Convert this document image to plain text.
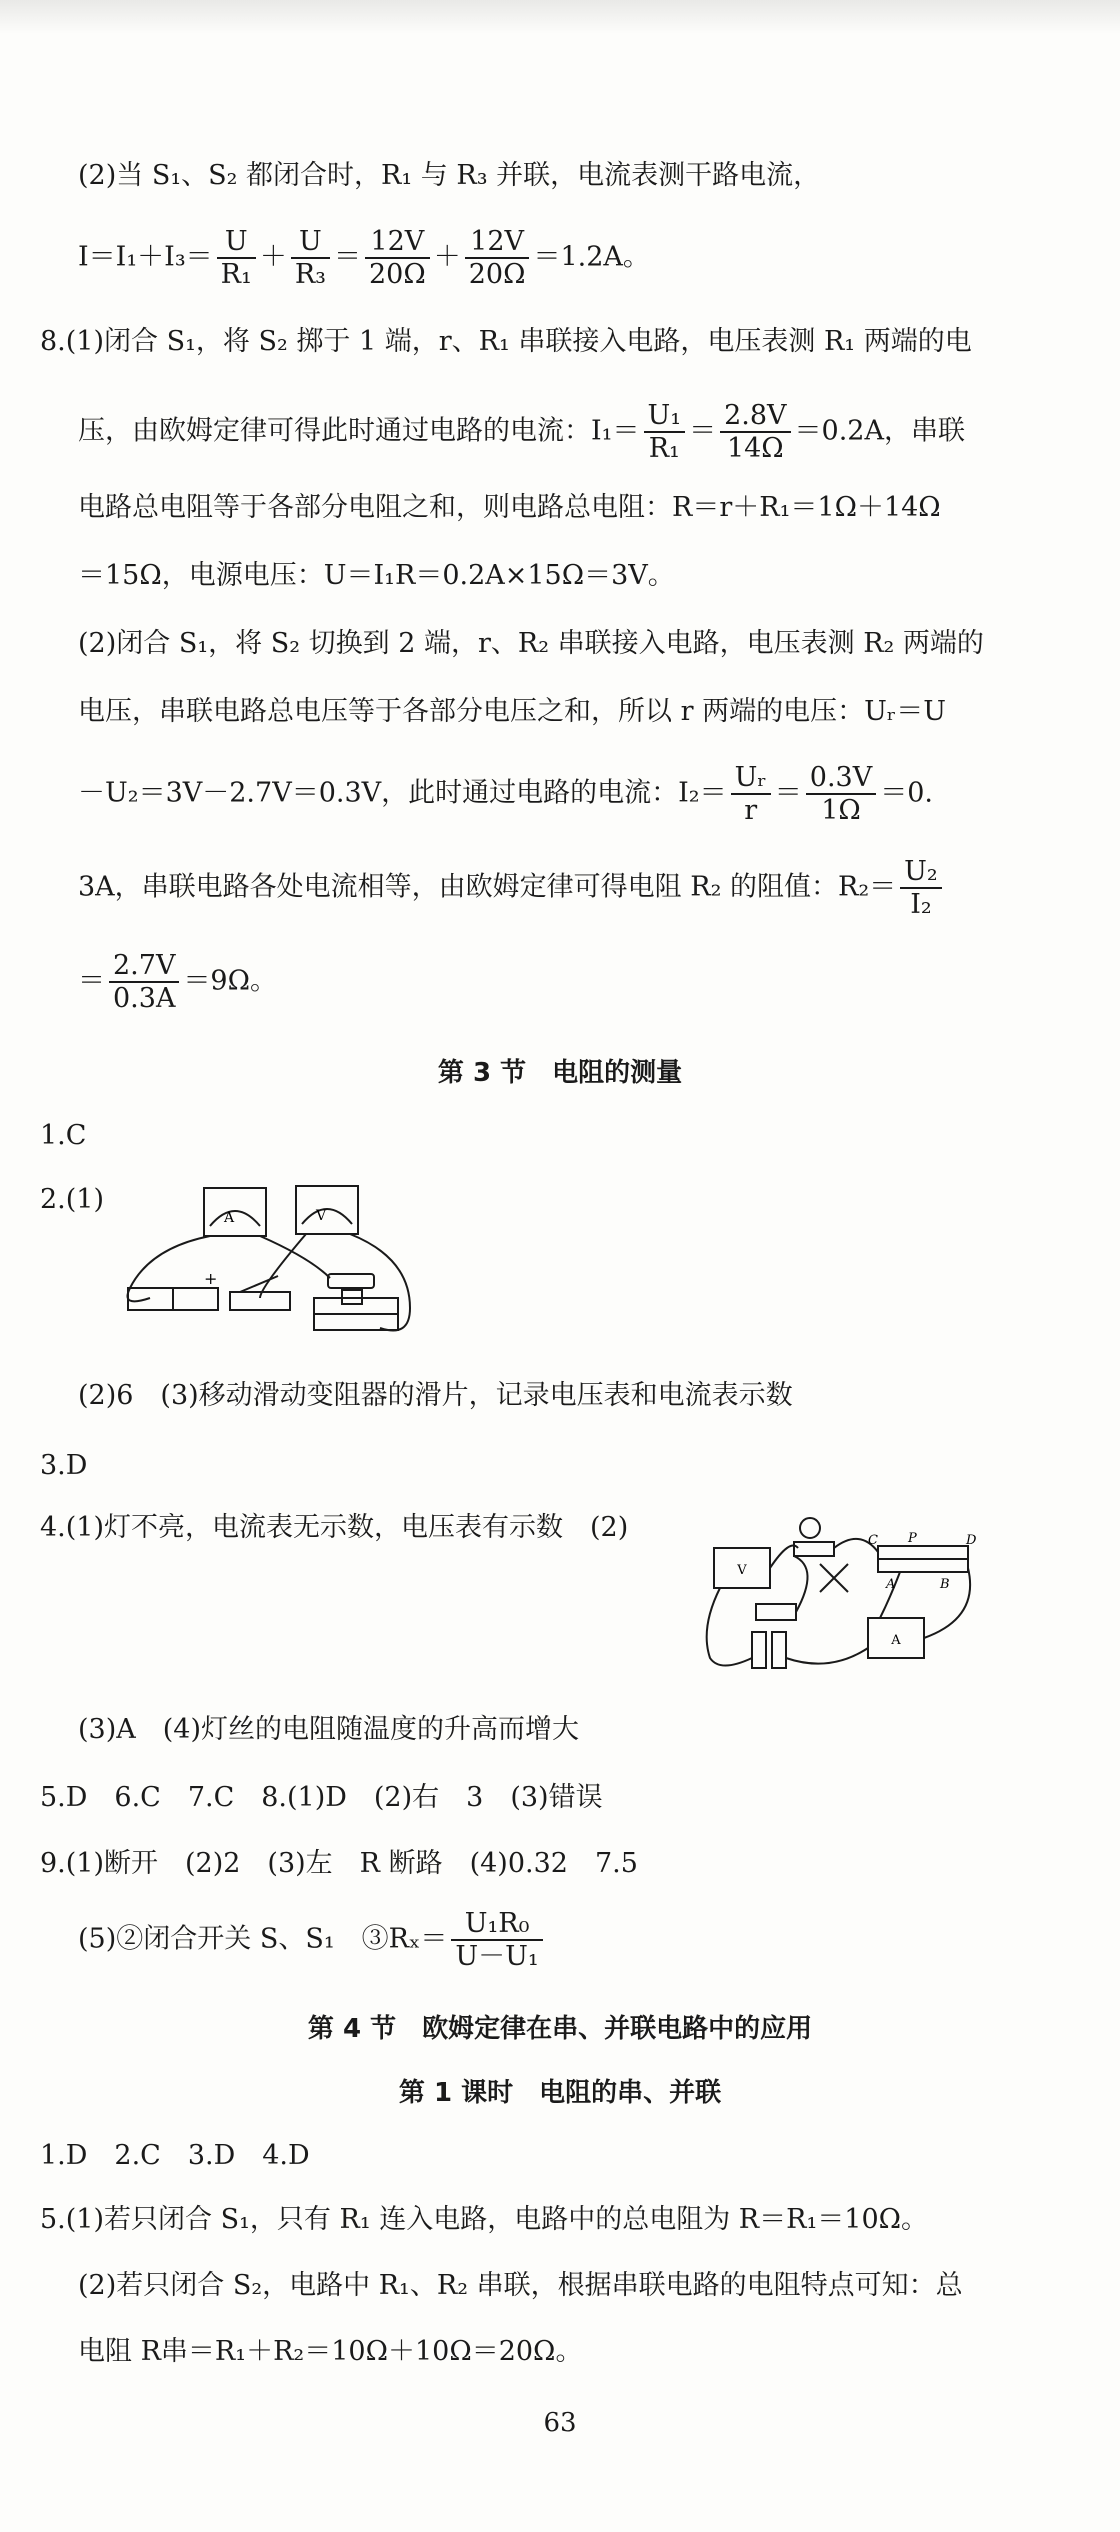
(2)当 S₁、S₂ 都闭合时，R₁ 与 R₃ 并联，电流表测干路电流，
$I=I_1+I_3= \frac{U}{\text{R₁}} + \frac{U}{\text{R₃}} = \frac{12V}{20\Omega} + \frac{12V}{20\Omega} =1.2A$。
8.(1)闭合 S₁，将 S₂ 掷于 1 端，r、R₁ 串联接入电路，电压表测 R₁ 两端的电
压，由欧姆定律可得此时通过电路的电流：$I_1= \frac{\text{U₁}}{\text{R₁}} = \frac{2.8V}{14\Omega} =0.2A$，串联
电路总电阻等于各部分电阻之和，则电路总电阻：R＝r＋R₁＝1Ω＋14Ω
＝15Ω，电源电压：U＝I₁R＝0.2A×15Ω＝3V。
(2)闭合 S₁，将 S₂ 切换到 2 端，r、R₂ 串联接入电路，电压表测 R₂ 两端的
电压，串联电路总电压等于各部分电压之和，所以 r 两端的电压：Uᵣ＝U
－U₂＝3V－2.7V＝0.3V，此时通过电路的电流：$I_2= \frac{\text{Uᵣ}}{r} = \frac{0.3V}{1\Omega} =0$.
3A，串联电路各处电流相等，由欧姆定律可得电阻 R₂ 的阻值：$R_2= \frac{\text{U₂}}{\text{I₂}}$
＝ $\frac{2.7V}{0.3A} =9\Omega$。
第 3 节　电阻的测量
1.C
2.(1)
A	V
+
(2)6　(3)移动滑动变阻器的滑片，记录电压表和电流表示数
3.D
4.(1)灯不亮，电流表无示数，电压表有示数　(2)
V
A
C P	D
A	B
(3)A　(4)灯丝的电阻随温度的升高而增大
5.D　6.C　7.C　8.(1)D　(2)右　3　(3)错误
9.(1)断开　(2)2　(3)左　R 断路　(4)0.32　7.5
(5)②闭合开关 S、S₁　③Rₓ＝ $\frac{\text{U₁R₀}}{\text{U－U₁}}$
第 4 节　欧姆定律在串、并联电路中的应用
第 1 课时　电阻的串、并联
1.D　2.C　3.D　4.D
5.(1)若只闭合 S₁，只有 R₁ 连入电路，电路中的总电阻为 R＝R₁＝10Ω。
(2)若只闭合 S₂，电路中 R₁、R₂ 串联，根据串联电路的电阻特点可知：总
电阻 R串＝R₁＋R₂＝10Ω＋10Ω＝20Ω。
63
